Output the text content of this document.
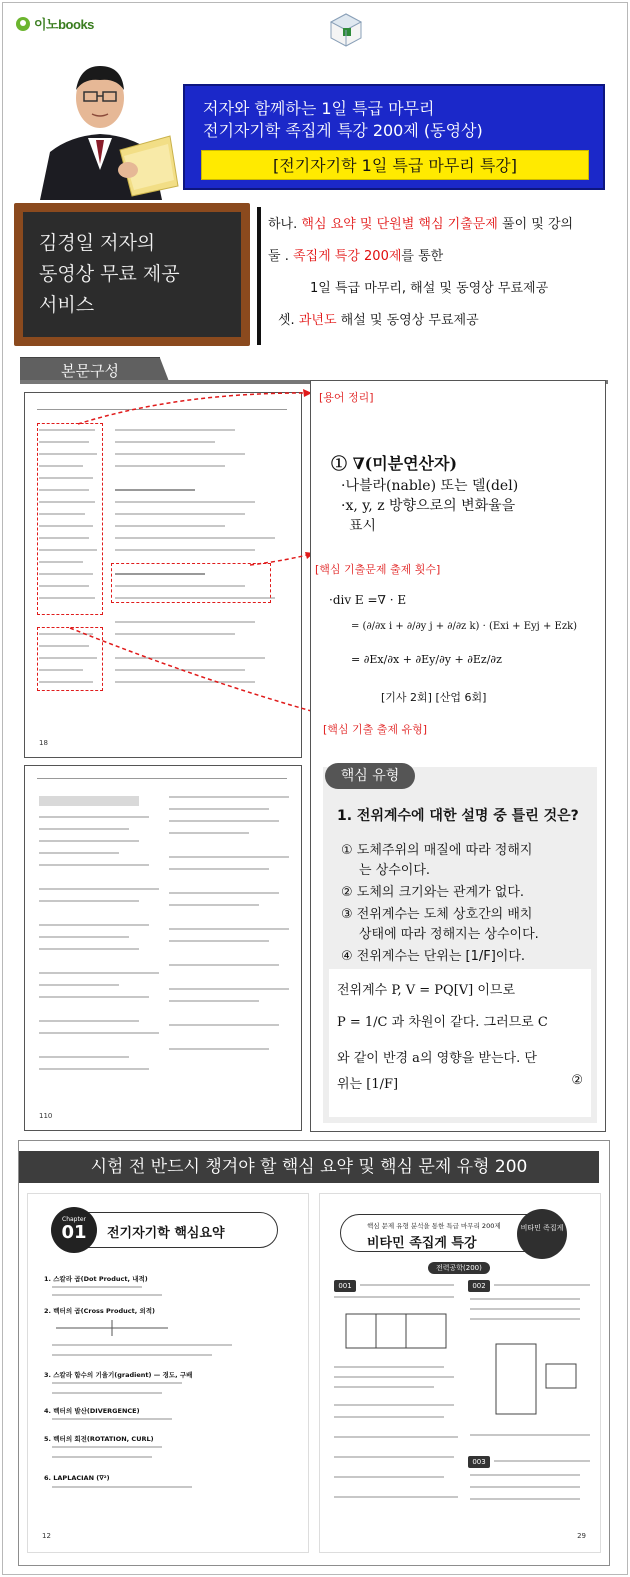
이노books
저자와 함께하는 1일 특급 마무리
전기자기학 족집게 특강 200제 (동영상)
[전기자기학 1일 특급 마무리 특강]
김경일 저자의
동영상 무료 제공
서비스
하나. 핵심 요약 및 단원별 핵심 기출문제 풀이 및 강의
둘 . 족집게 특강 200제를 통한
1일 특급 마무리, 해설 및 동영상 무료제공
셋. 과년도 해설 및 동영상 무료제공
본문구성
18
110
[용어 정리]
① ∇(미분연산자)
·나블라(nable) 또는 델(del)
·x, y, z 방향으로의 변화율을
표시
[핵심 기출문제 출제 횟수]
·div E =∇ · E
= (∂/∂x i + ∂/∂y j + ∂/∂z k) · (Exi + Eyj + Ezk)
= ∂Ex/∂x + ∂Ey/∂y + ∂Ez/∂z
[기사 2회] [산업 6회]
[핵심 기출 출제 유형]
핵심 유형
1. 전위계수에 대한 설명 중 틀린 것은?
① 도체주위의 매질에 따라 정해지
는 상수이다.
② 도체의 크기와는 관계가 없다.
③ 전위계수는 도체 상호간의 배치
상태에 따라 정해지는 상수이다.
④ 전위계수는 단위는 [1/F]이다.
전위계수 P, V = PQ[V] 이므로
P = 1/C 과 차원이 같다. 그러므로 C
와 같이 반경 a의 영향을 받는다. 단
위는 [1/F]	②
시험 전 반드시 챙겨야 할 핵심 요약 및 핵심 문제 유형 200
Chapter
01	전기자기학 핵심요약
1. 스칼라 곱(Dot Product, 내적)
2. 벡터의 곱(Cross Product, 외적)
3. 스칼라 함수의 기울기(gradient) — 경도, 구배
4. 벡터의 발산(DIVERGENCE)
5. 벡터의 회전(ROTATION, CURL)
6. LAPLACIAN (∇²)
12
핵심 문제 유형 분석을 통한 특급 마무리 200제
비타민 족집게 특강
비타민 족집게
전력공학(200)
001	002
003
29
